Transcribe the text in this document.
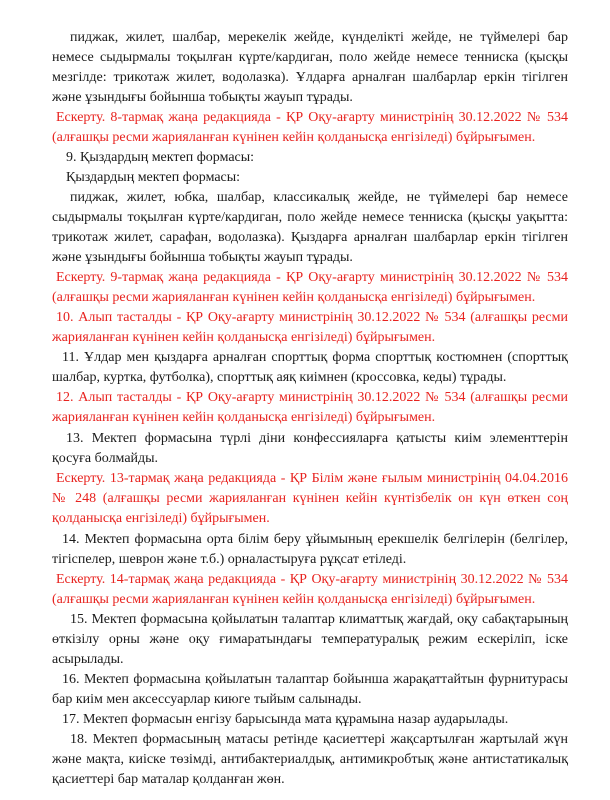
пиджак, жилет, шалбар, мерекелік жейде, күнделікті жейде, не түймелері бар немесе сыдырмалы тоқылған күрте/кардиган, поло жейде немесе тенниска (қысқы мезгілде: трикотаж жилет, водолазка). Ұлдарға арналған шалбарлар еркін тігілген және ұзындығы бойынша тобықты жауып тұрады.

Ескерту. 8-тармақ жаңа редакцияда - ҚР Оқу-ағарту министрінің 30.12.2022 № 534 (алғашқы ресми жарияланған күнінен кейін қолданысқа енгізіледі) бұйрығымен.

9. Қыздардың мектеп формасы:

Қыздардың мектеп формасы:

пиджак, жилет, юбка, шалбар, классикалық жейде, не түймелері бар немесе сыдырмалы тоқылған күрте/кардиган, поло жейде немесе тенниска (қысқы уақытта: трикотаж жилет, сарафан, водолазка). Қыздарға арналған шалбарлар еркін тігілген және ұзындығы бойынша тобықты жауып тұрады.

Ескерту. 9-тармақ жаңа редакцияда - ҚР Оқу-ағарту министрінің 30.12.2022 № 534 (алғашқы ресми жарияланған күнінен кейін қолданысқа енгізіледі) бұйрығымен.

10. Алып тасталды - ҚР Оқу-ағарту министрінің 30.12.2022 № 534 (алғашқы ресми жарияланған күнінен кейін қолданысқа енгізіледі) бұйрығымен.

11. Ұлдар мен қыздарға арналған спорттық форма спорттық костюмнен (спорттық шалбар, куртка, футболка), спорттық аяқ киімнен (кроссовка, кеды) тұрады.

12. Алып тасталды - ҚР Оқу-ағарту министрінің 30.12.2022 № 534 (алғашқы ресми жарияланған күнінен кейін қолданысқа енгізіледі) бұйрығымен.

13. Мектеп формасына түрлі діни конфессияларға қатысты киім элементтерін қосуға болмайды.

Ескерту. 13-тармақ жаңа редакцияда - ҚР Білім және ғылым министрінің 04.04.2016 № 248 (алғашқы ресми жарияланған күнінен кейін күнтізбелік он күн өткен соң қолданысқа енгізіледі) бұйрығымен.

14. Мектеп формасына орта білім беру ұйымының ерекшелік белгілерін (белгілер, тігіспелер, шеврон және т.б.) орналастыруға рұқсат етіледі.

Ескерту. 14-тармақ жаңа редакцияда - ҚР Оқу-ағарту министрінің 30.12.2022 № 534 (алғашқы ресми жарияланған күнінен кейін қолданысқа енгізіледі) бұйрығымен.

15. Мектеп формасына қойылатын талаптар климаттық жағдай, оқу сабақтарының өткізілу орны және оқу ғимаратындағы температуралық режим ескеріліп, іске асырылады.

16. Мектеп формасына қойылатын талаптар бойынша жарақаттайтын фурнитурасы бар киім мен аксессуарлар киюге тыйым салынады.

17. Мектеп формасын енгізу барысында мата құрамына назар аударылады.

18. Мектеп формасының матасы ретінде қасиеттері жақсартылған жартылай жүн және мақта, киіске төзімді, антибактериалдық, антимикробтық және антистатикалық қасиеттері бар маталар қолданған жөн.
